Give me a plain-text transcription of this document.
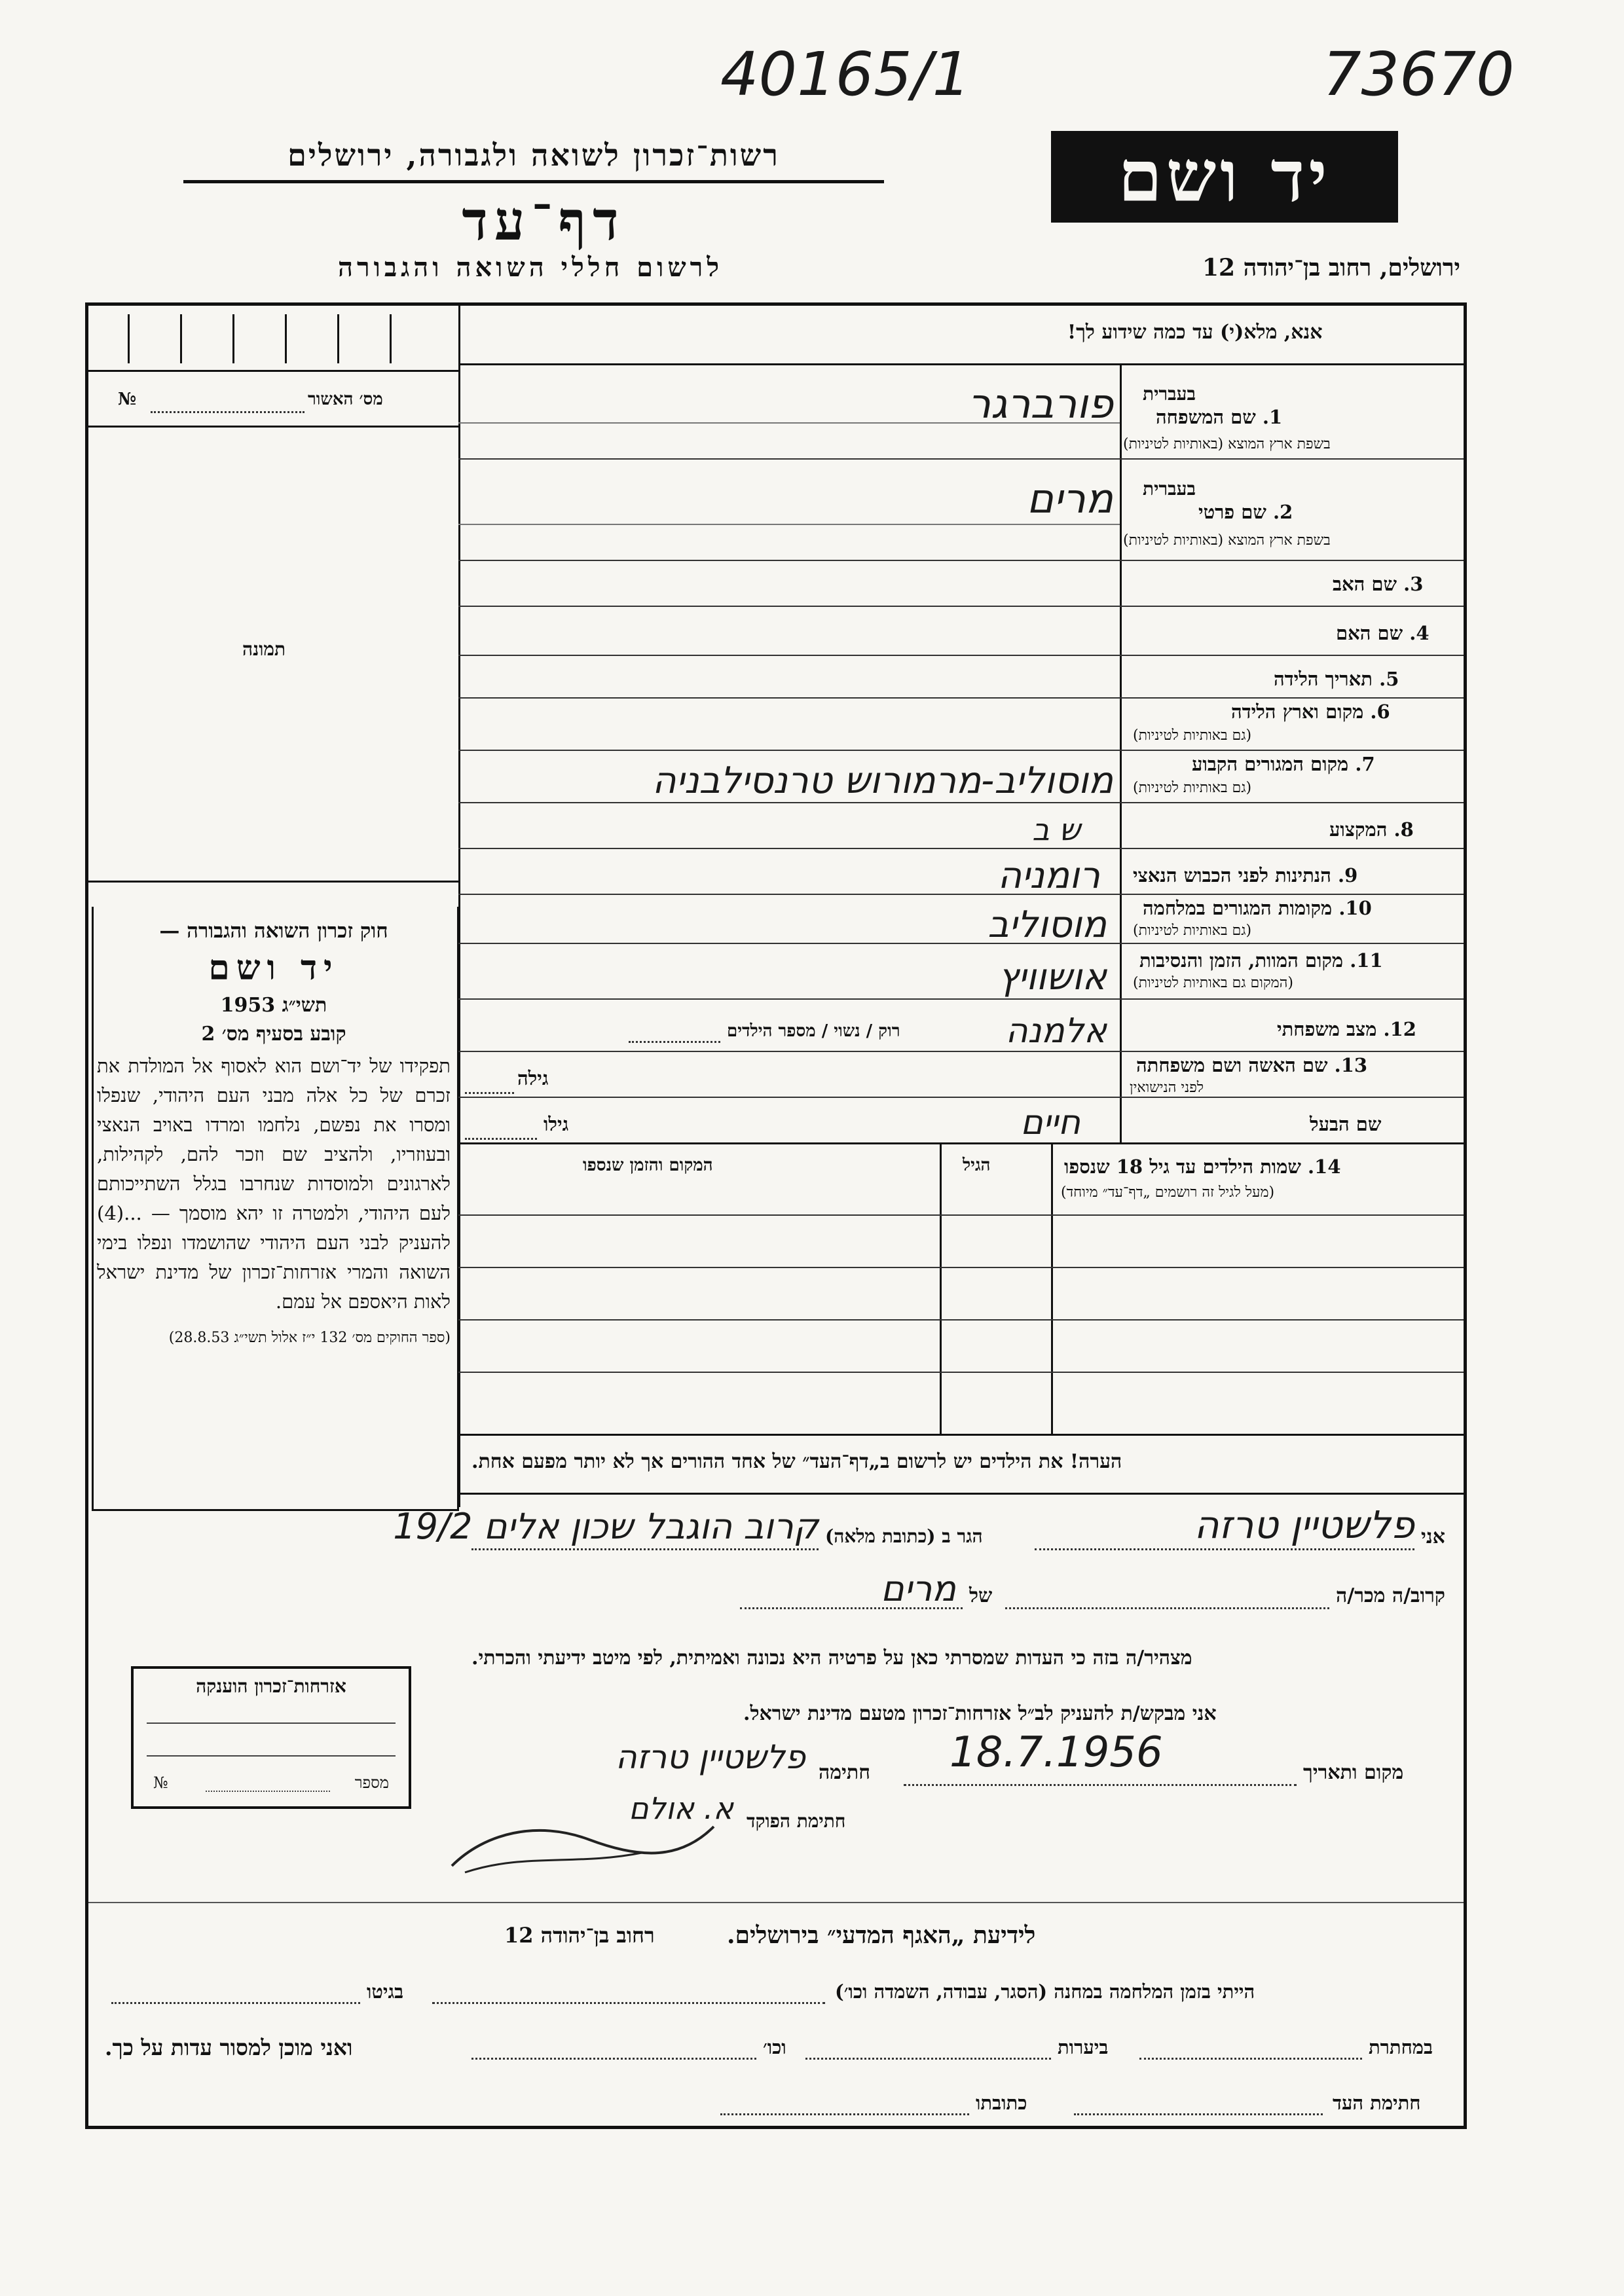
40165/1	73670
רשות־זכרון לשואה ולגבורה, ירושלים
דף־עד
לרשום חללי השואה והגבורה
יד ושם
ירושלים, רחוב בן־יהודה 12
מס׳ האשור
№
תמונה
חוק זכרון השואה והגבורה —
יד ושם
תשי״ג 1953
קובע בסעיף מס׳ 2
תפקידו של יד־ושם הוא לאסוף אל המולדת את זכרם של כל אלה מבני העם היהודי, שנפלו ומסרו את נפשם, נלחמו ומרדו באויב הנאצי ובעוזריו, ולהציב שם וזכר להם, לקהילות, לארגונים ולמוסדות שנחרבו בגלל השתייכותם לעם היהודי, ולמטרה זו יהא מוסמך — ...(4) להעניק לבני העם היהודי שהושמדו ונפלו בימי השואה והמרי אזרחות־זכרון של מדינת ישראל לאות היאספם אל עמם.
(ספר החוקים מס׳ 132 י״ז אלול תשי״ג 28.8.53)
אנא, מלא(י) עד כמה שידוע לך!
בעברית
1. שם המשפחה
בשפת ארץ המוצא (באותיות לטיניות)
פורברגר
בעברית
2. שם פרטי
בשפת ארץ המוצא (באותיות לטיניות)
מרים
3. שם האב
4. שם האם
5. תאריך הלידה
6. מקום וארץ הלידה
(גם באותיות לטיניות)
7. מקום המגורים הקבוע
(גם באותיות לטיניות)
מוסוליב-מרמורוש טרנסילבניה
8. המקצוע
ש ב
9. הנתינות לפני הכבוש הנאצי
רומניה
10. מקומות המגורים במלחמה
(גם באותיות לטיניות)
מוסוליב
11. מקום המוות, הזמן והנסיבות
(המקום גם באותיות לטיניות)
אושוויץ
12. מצב משפחתי
אלמנה
רוק / נשוי / מספר הילדים
13. שם האשה ושם משפחתה
לפני הנישואין
גילה
שם הבעל
חיים
גילו
14. שמות הילדים עד גיל 18 שנספו
(מעל לגיל זה רושמים „דף־עד״ מיוחד)
הגיל
המקום והזמן שנספו
הערה! את הילדים יש לרשום ב„דף־העד״ של אחד ההורים אך לא יותר מפעם אחת.
אני
פלשטיין טרזה
הגר ב (כתובת מלאה)
קרוב הוגבל שכון אלים 19/2
קרוב/ה מכר/ה
של
מרים
מצהיר/ה בזה כי העדות שמסרתי כאן על פרטיה היא נכונה ואמיתית, לפי מיטב ידיעתי והכרתי.
אני מבקש/ת להעניק לב״ל אזרחות־זכרון מטעם מדינת ישראל.
מקום ותאריך
18.7.1956
חתימה
פלשטיין טרזה
חתימת הפוקד
א. אולם
אזרחות־זכרון הוענקה
מספר
№
לידיעת „האגף המדעי״ בירושלים.
רחוב בן־יהודה 12
הייתי בזמן המלחמה במחנה (הסגר, עבודה, השמדה וכו׳)
בגיטו
במחתרת
ביערות
וכו׳
ואני מוכן למסור עדות על כך.
חתימת העד
כתובתו
